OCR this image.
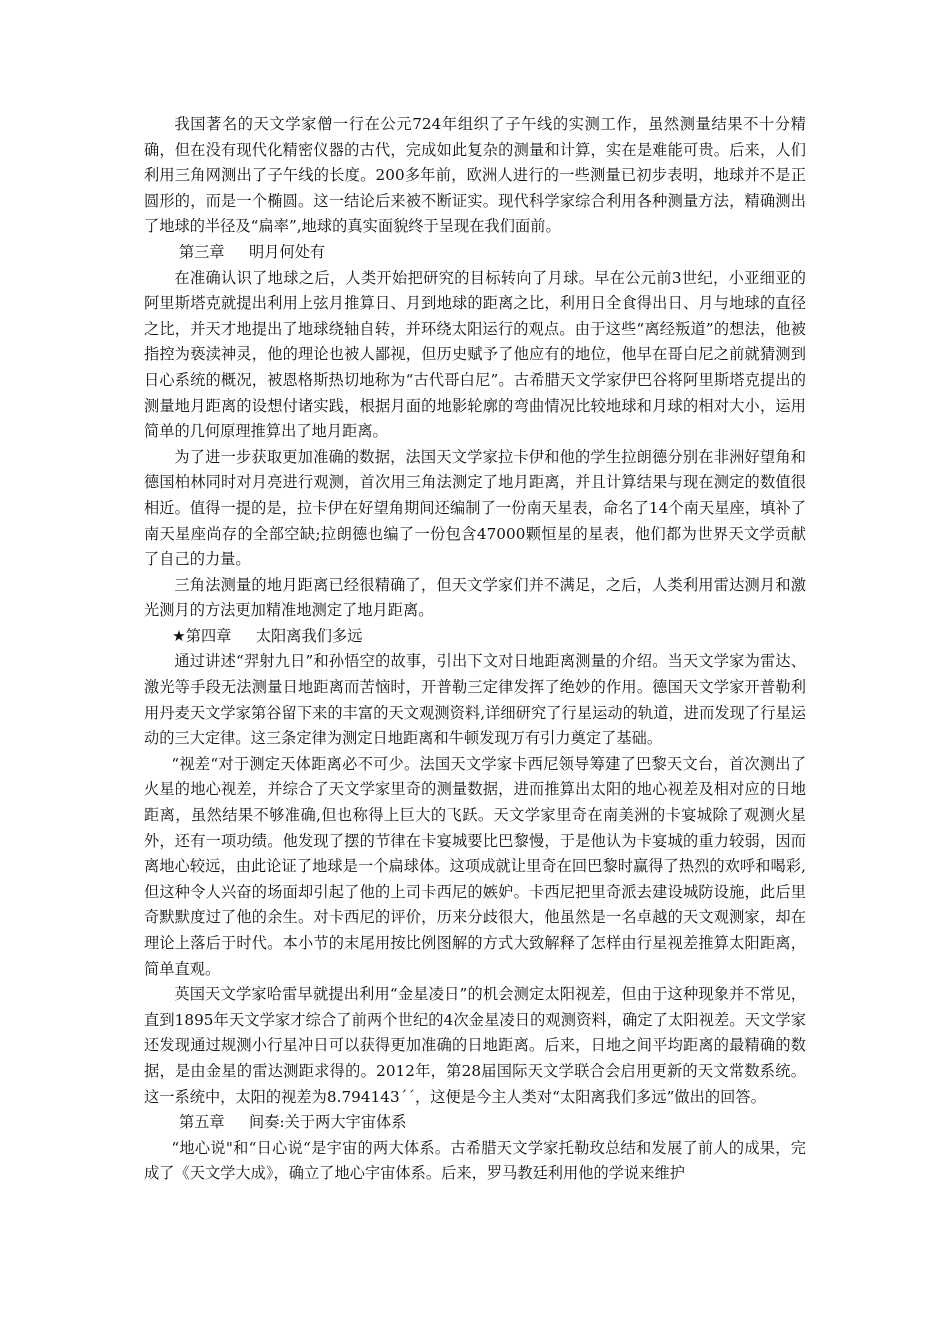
我国著名的天文学家僧一行在公元724年组织了子午线的实测工作，虽然测量结果不十分精确，但在没有现代化精密仪器的古代，完成如此复杂的测量和计算，实在是难能可贵。后来，人们利用三角网测出了子午线的长度。200多年前，欧洲人进行的一些测量已初步表明，地球并不是正圆形的，而是一个椭圆。这一结论后来被不断证实。现代科学家综合利用各种测量方法，精确测出了地球的半径及“扁率”,地球的真实面貌终于呈现在我们面前。

第三章 明月何处有

在准确认识了地球之后，人类开始把研究的目标转向了月球。早在公元前3世纪，小亚细亚的阿里斯塔克就提出利用上弦月推算日、月到地球的距离之比，利用日全食得出日、月与地球的直径之比，并天才地提出了地球绕轴自转，并环绕太阳运行的观点。由于这些“离经叛道”的想法，他被指控为亵渎神灵，他的理论也被人鄙视，但历史赋予了他应有的地位，他早在哥白尼之前就猜测到日心系统的概况，被恩格斯热切地称为“古代哥白尼”。古希腊天文学家伊巴谷将阿里斯塔克提出的测量地月距离的设想付诸实践，根据月面的地影轮廓的弯曲情况比较地球和月球的相对大小，运用简单的几何原理推算出了地月距离。

为了进一步获取更加准确的数据，法国天文学家拉卡伊和他的学生拉朗德分别在非洲好望角和德国柏林同时对月亮进行观测，首次用三角法测定了地月距离，并且计算结果与现在测定的数值很相近。值得一提的是，拉卡伊在好望角期间还编制了一份南天星表，命名了14个南天星座，填补了南天星座尚存的全部空缺;拉朗德也编了一份包含47000颗恒星的星表，他们都为世界天文学贡献了自己的力量。

三角法测量的地月距离已经很精确了，但天文学家们并不满足，之后，人类利用雷达测月和激光测月的方法更加精准地测定了地月距离。

★第四章 太阳离我们多远

通过讲述“羿射九日”和孙悟空的故事，引出下文对日地距离测量的介绍。当天文学家为雷达、激光等手段无法测量日地距离而苦恼时，开普勒三定律发挥了绝妙的作用。德国天文学家开普勒利用丹麦天文学家第谷留下来的丰富的天文观测资料,详细研究了行星运动的轨道，进而发现了行星运动的三大定律。这三条定律为测定日地距离和牛顿发现万有引力奠定了基础。

“视差“对于测定天体距离必不可少。法国天文学家卡西尼领导筹建了巴黎天文台，首次测出了火星的地心视差，并综合了天文学家里奇的测量数据，进而推算出太阳的地心视差及相对应的日地距离，虽然结果不够准确,但也称得上巨大的飞跃。天文学家里奇在南美洲的卡宴城除了观测火星外，还有一项功绩。他发现了摆的节律在卡宴城要比巴黎慢，于是他认为卡宴城的重力较弱，因而离地心较远，由此论证了地球是一个扁球体。这项成就让里奇在回巴黎时赢得了热烈的欢呼和喝彩,但这种令人兴奋的场面却引起了他的上司卡西尼的嫉妒。卡西尼把里奇派去建设城防设施，此后里奇默默度过了他的余生。对卡西尼的评价，历来分歧很大，他虽然是一名卓越的天文观测家，却在理论上落后于时代。本小节的末尾用按比例图解的方式大致解释了怎样由行星视差推算太阳距离，简单直观。

英国天文学家哈雷早就提出利用“金星凌日”的机会测定太阳视差，但由于这种现象并不常见，直到1895年天文学家才综合了前两个世纪的4次金星凌日的观测资料，确定了太阳视差。天文学家还发现通过规测小行星冲日可以获得更加准确的日地距离。后来，日地之间平均距离的最精确的数据，是由金星的雷达测距求得的。2012年，第28届国际天文学联合会启用更新的天文常数系统。这一系统中，太阳的视差为8.794143´´，这便是今主人类对“太阳离我们多远”做出的回答。

第五章 间奏:关于两大宇宙体系

“地心说"和“日心说“是宇宙的两大体系。古希腊天文学家托勒玫总结和发展了前人的成果，完成了《天文学大成》，确立了地心宇宙体系。后来，罗马教廷利用他的学说来维护
